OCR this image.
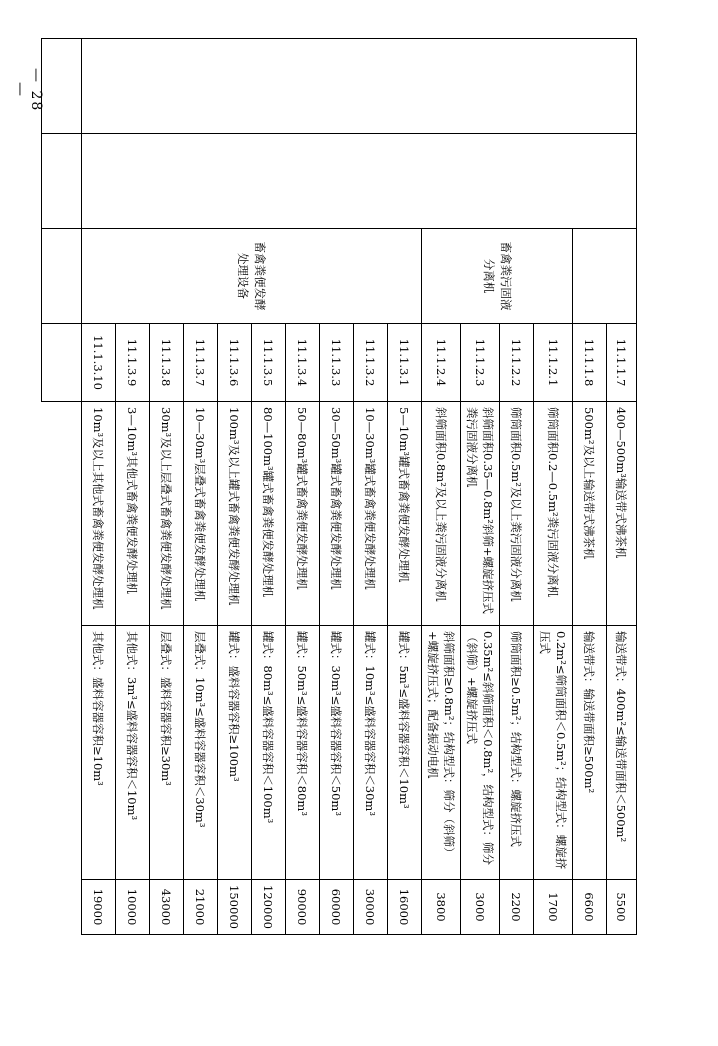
— 28 —
			11.1.1.7	400—500m³输送带式沸茶机	输送带式：400m²≤输送带面积＜500m²	5500
			11.1.1.8	500m²及以上输送带式沸茶机	输送带式：输送带面积≥500m²	6600
		畜禽粪污固液分离机	11.1.2.1	筛筒面积0.2—0.5m²粪污固液分离机	0.2m²≤筛筒面积＜0.5m²；结构型式：螺旋挤压式	1700
			11.1.2.2	筛筒面积0.5m²及以上粪污固液分离机	筛筒面积≥0.5m²；结构型式：螺旋挤压式	2200
			11.1.2.3	斜筛面积0.35—0.8m²斜筛+螺旋挤压式粪污固液分离机	0.35m²≤斜筛面积＜0.8m²，结构型式：筛分（斜筛）+螺旋挤压式	3000
			11.1.2.4	斜筛面积0.8m²及以上粪污固液分离机	斜筛面积≥0.8m²；结构型式：筛分（斜筛）+螺旋挤压式；配备振动电机	3800
		畜禽粪便发酵处理设备	11.1.3.1	5—10m³罐式畜禽粪便发酵处理机	罐式：5m³≤盛料容器容积＜10m³	16000
			11.1.3.2	10—30m³罐式畜禽粪便发酵处理机	罐式：10m³≤盛料容器容积＜30m³	30000
			11.1.3.3	30—50m³罐式畜禽粪便发酵处理机	罐式：30m³≤盛料容器容积＜50m³	60000
			11.1.3.4	50—80m³罐式畜禽粪便发酵处理机	罐式：50m³≤盛料容器容积＜80m³	90000
			11.1.3.5	80—100m³罐式畜禽粪便发酵处理机	罐式：80m³≤盛料容器容积＜100m³	120000
			11.1.3.6	100m³及以上罐式畜禽粪便发酵处理机	罐式：盛料容器容积≥100m³	150000
			11.1.3.7	10—30m³层叠式畜禽粪便发酵处理机	层叠式：10m³≤盛料容器容积＜30m³	21000
			11.1.3.8	30m³及以上层叠式畜禽粪便发酵处理机	层叠式：盛料容器容积≥30m³	43000
			11.1.3.9	3—10m³其他式畜禽粪便发酵处理机	其他式：3m³≤盛料容器容积＜10m³	10000
			11.1.3.10	10m³及以上其他式畜禽粪便发酵处理机	其他式：盛料容器容积≥10m³	19000
